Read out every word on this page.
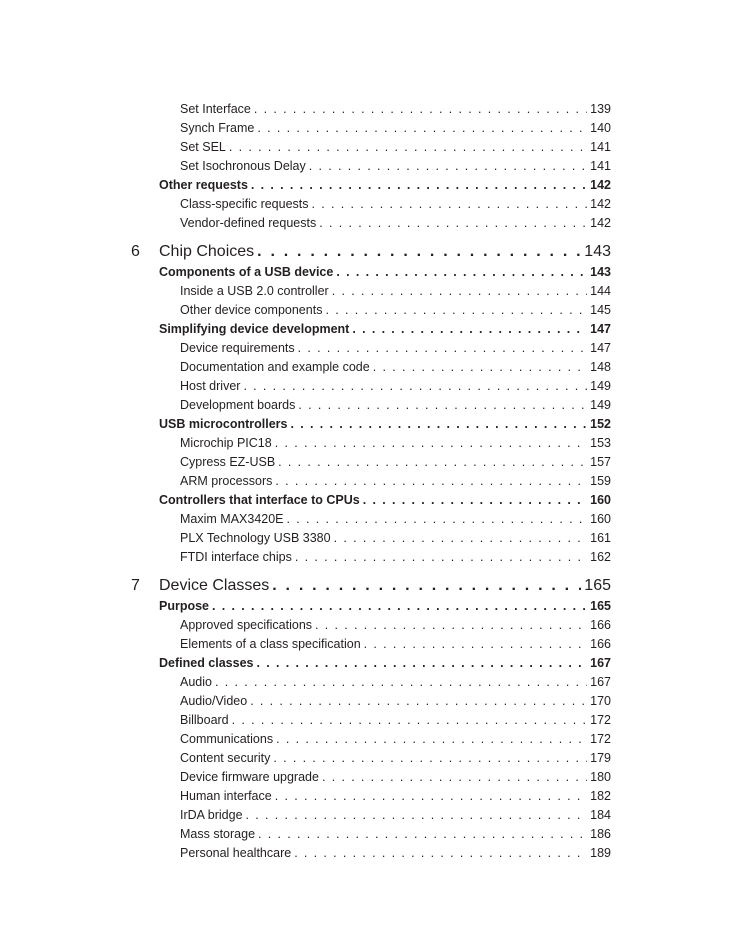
Set Interface . . .	139
Synch Frame . . .	140
Set SEL . . .	141
Set Isochronous Delay . . .	141
Other requests . . .	142
Class-specific requests . . .	142
Vendor-defined requests . . .	142
6 Chip Choices . . .	143
Components of a USB device . . .	143
Inside a USB 2.0 controller . . .	144
Other device components . . .	145
Simplifying device development . . .	147
Device requirements . . .	147
Documentation and example code . . .	148
Host driver . . .	149
Development boards . . .	149
USB microcontrollers . . .	152
Microchip PIC18 . . .	153
Cypress EZ-USB . . .	157
ARM processors . . .	159
Controllers that interface to CPUs . . .	160
Maxim MAX3420E . . .	160
PLX Technology USB 3380 . . .	161
FTDI interface chips . . .	162
7 Device Classes . . .	165
Purpose . . .	165
Approved specifications . . .	166
Elements of a class specification . . .	166
Defined classes . . .	167
Audio . . .	167
Audio/Video . . .	170
Billboard . . .	172
Communications . . .	172
Content security . . .	179
Device firmware upgrade . . .	180
Human interface . . .	182
IrDA bridge . . .	184
Mass storage . . .	186
Personal healthcare . . .	189
